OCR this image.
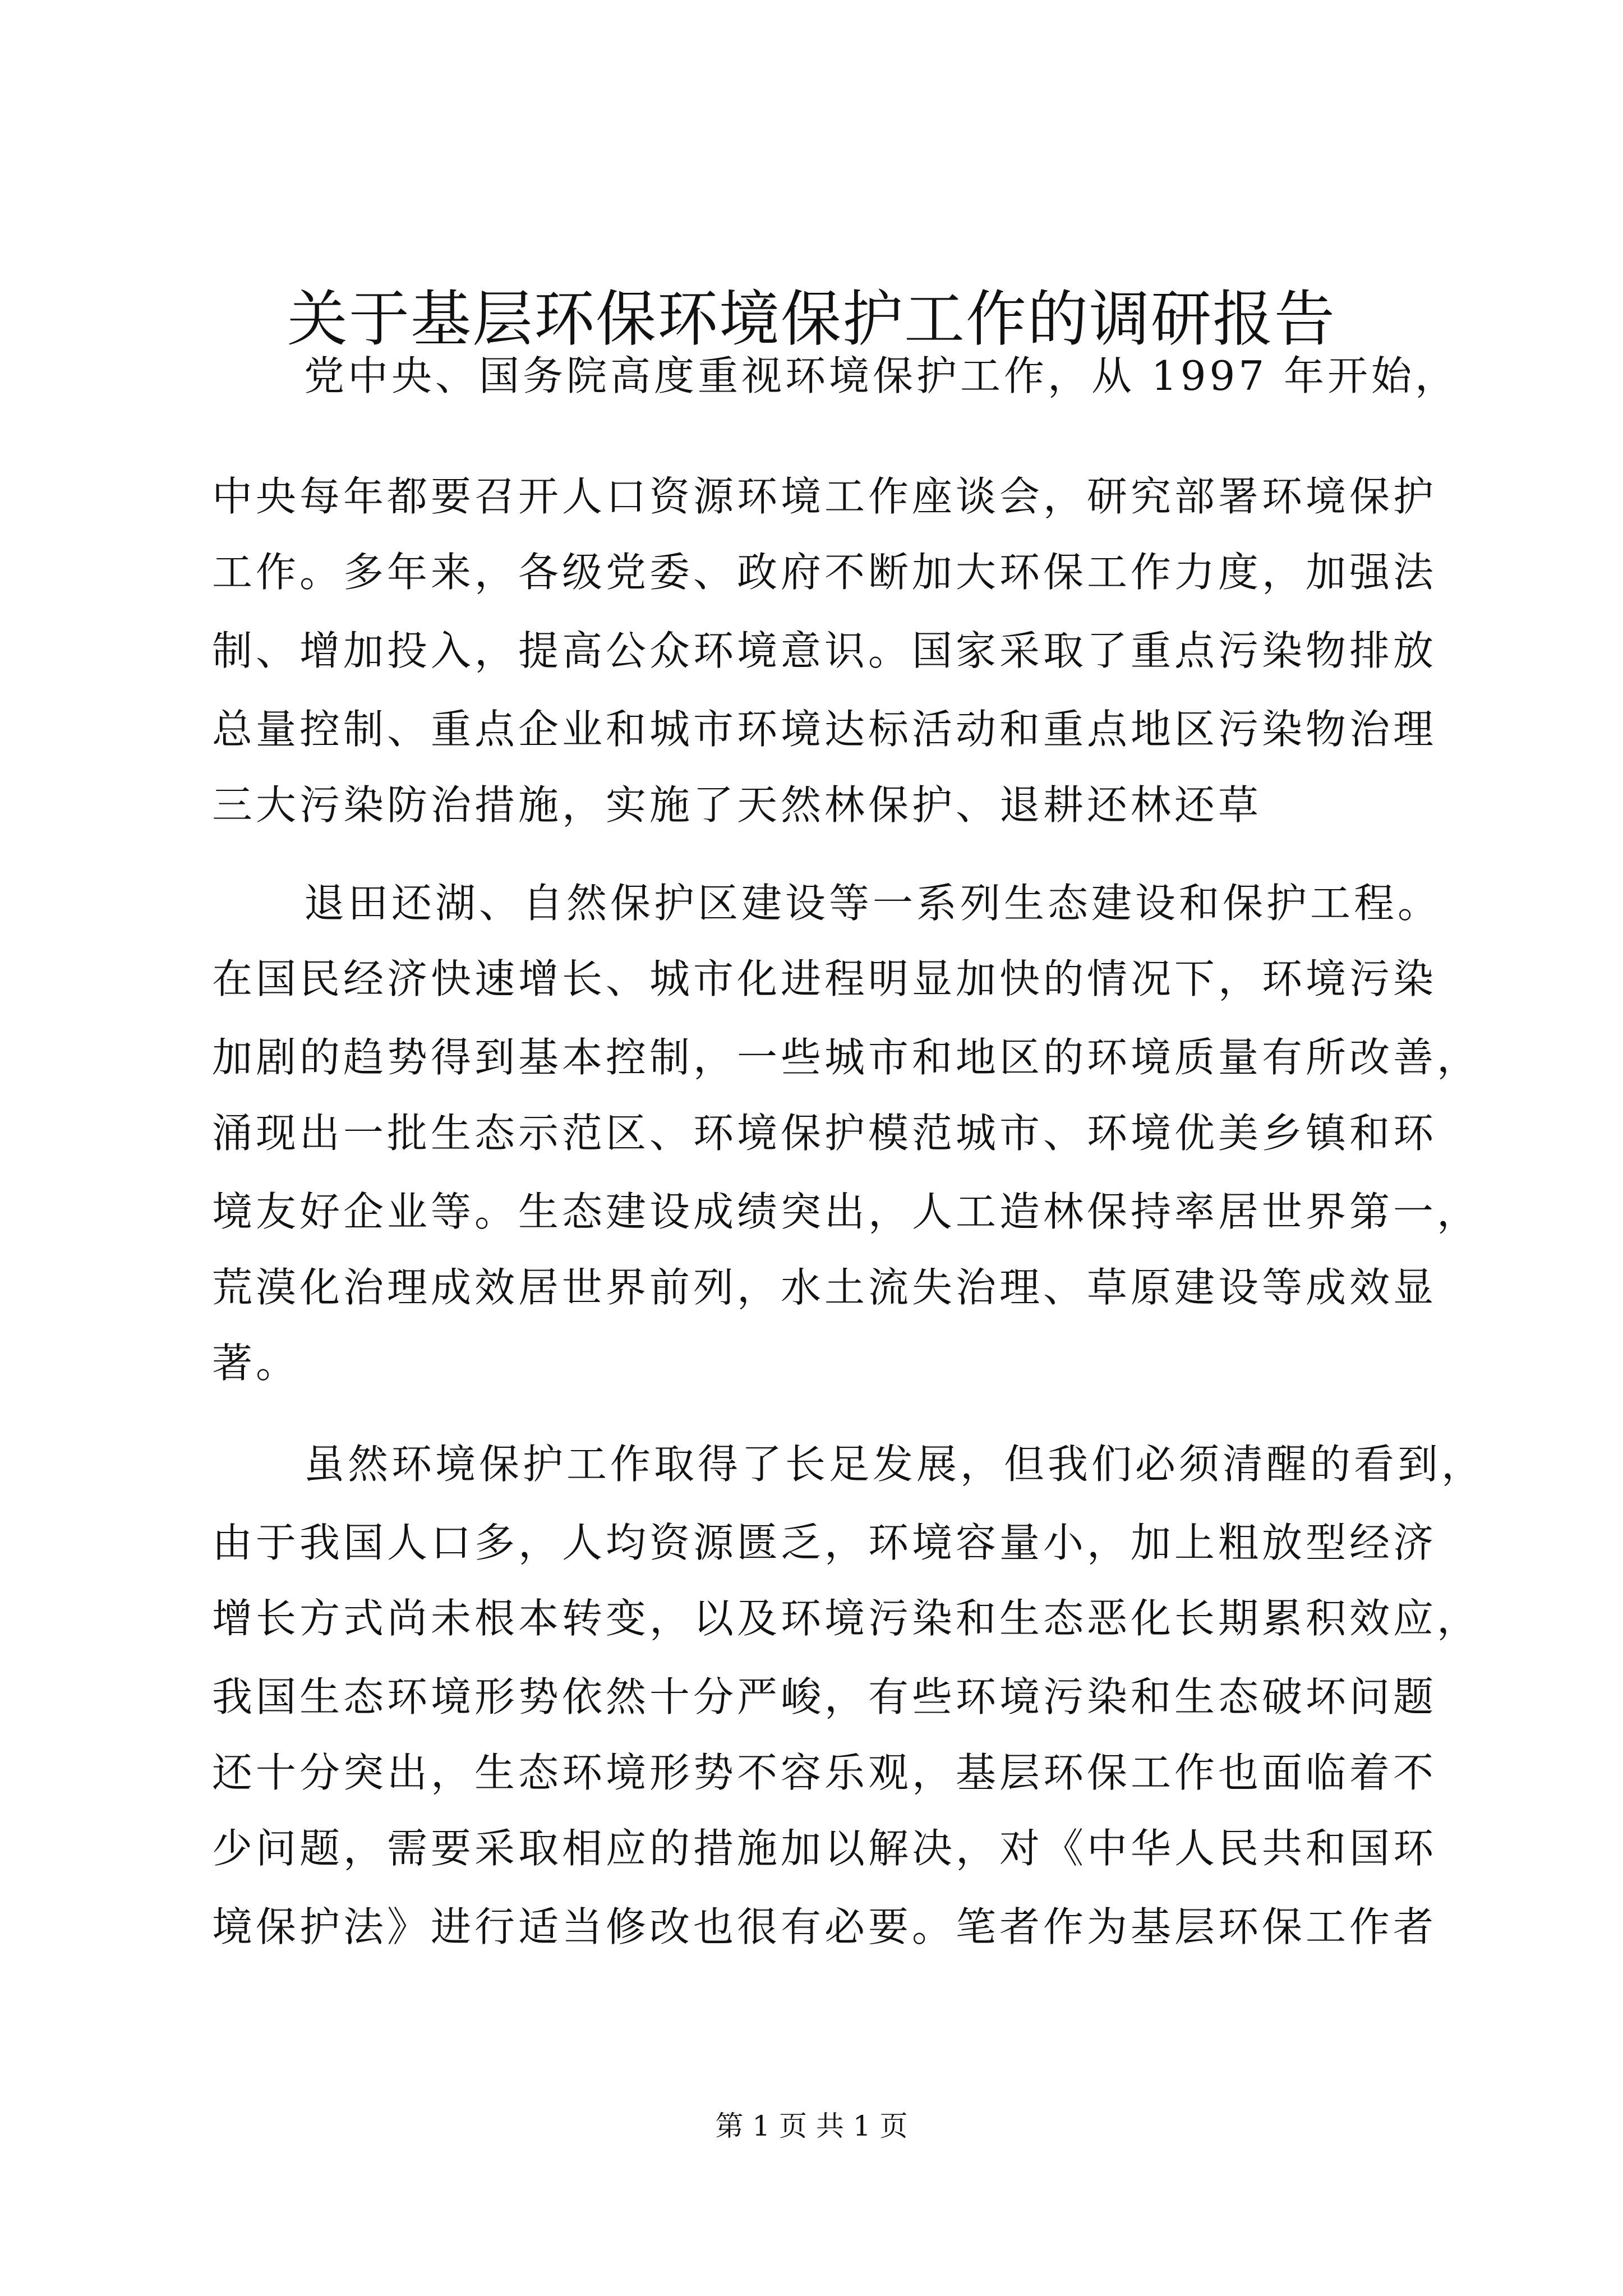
关于基层环保环境保护工作的调研报告
党中央、国务院高度重视环境保护工作，从 1997 年开始，
中央每年都要召开人口资源环境工作座谈会，研究部署环境保护
工作。多年来，各级党委、政府不断加大环保工作力度，加强法
制、增加投入，提高公众环境意识。国家采取了重点污染物排放
总量控制、重点企业和城市环境达标活动和重点地区污染物治理
三大污染防治措施，实施了天然林保护、退耕还林还草
退田还湖、自然保护区建设等一系列生态建设和保护工程。
在国民经济快速增长、城市化进程明显加快的情况下，环境污染
加剧的趋势得到基本控制，一些城市和地区的环境质量有所改善，
涌现出一批生态示范区、环境保护模范城市、环境优美乡镇和环
境友好企业等。生态建设成绩突出，人工造林保持率居世界第一，
荒漠化治理成效居世界前列，水土流失治理、草原建设等成效显
著。
虽然环境保护工作取得了长足发展，但我们必须清醒的看到，
由于我国人口多，人均资源匮乏，环境容量小，加上粗放型经济
增长方式尚未根本转变，以及环境污染和生态恶化长期累积效应，
我国生态环境形势依然十分严峻，有些环境污染和生态破坏问题
还十分突出，生态环境形势不容乐观，基层环保工作也面临着不
少问题，需要采取相应的措施加以解决，对《中华人民共和国环
境保护法》进行适当修改也很有必要。笔者作为基层环保工作者
第 1 页 共 1 页
